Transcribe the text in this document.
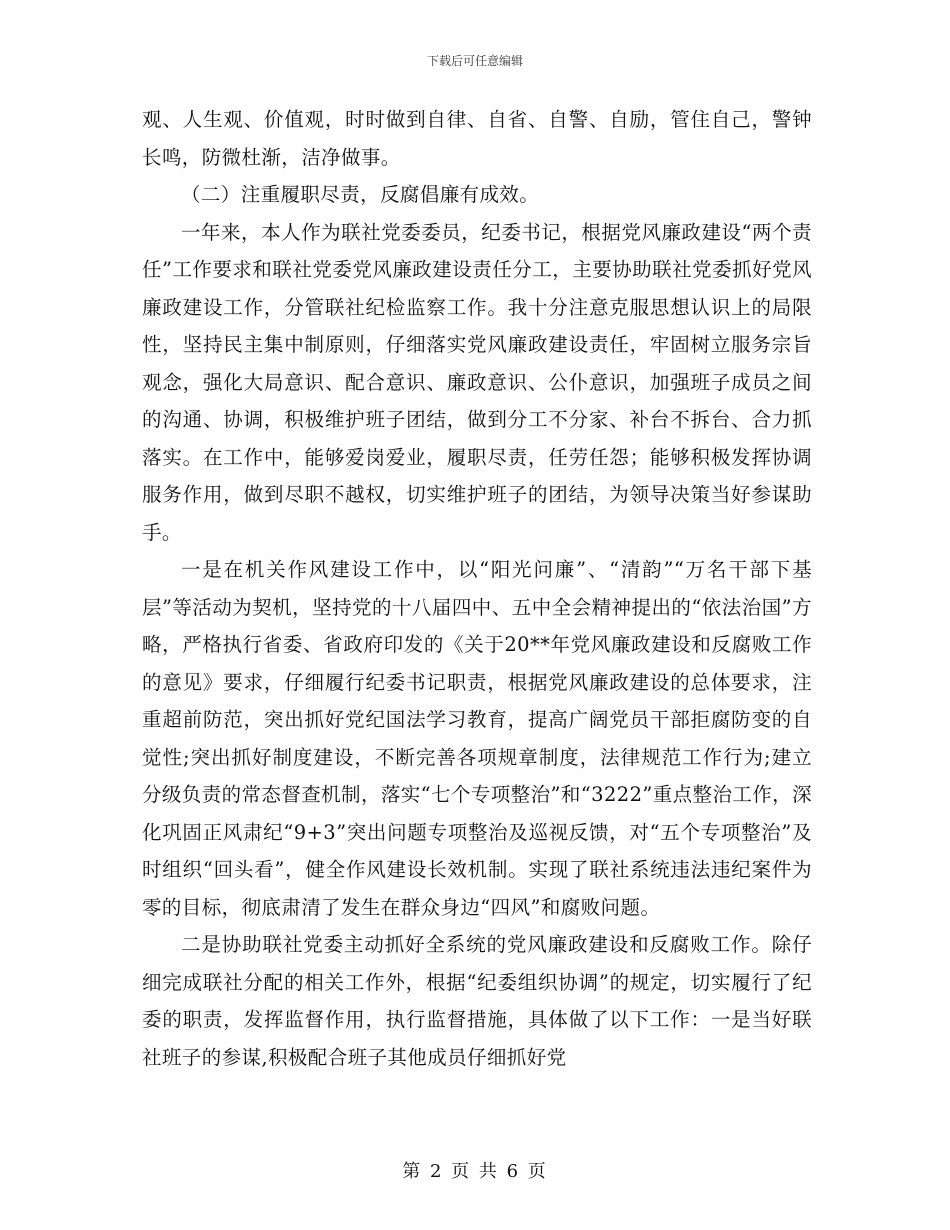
下载后可任意编辑

观、人生观、价值观，时时做到自律、自省、自警、自励，管住自己，警钟长鸣，防微杜渐，洁净做事。

（二）注重履职尽责，反腐倡廉有成效。

一年来，本人作为联社党委委员，纪委书记，根据党风廉政建设“两个责任”工作要求和联社党委党风廉政建设责任分工，主要协助联社党委抓好党风廉政建设工作，分管联社纪检监察工作。我十分注意克服思想认识上的局限性，坚持民主集中制原则，仔细落实党风廉政建设责任，牢固树立服务宗旨观念，强化大局意识、配合意识、廉政意识、公仆意识，加强班子成员之间的沟通、协调，积极维护班子团结，做到分工不分家、补台不拆台、合力抓落实。在工作中，能够爱岗爱业，履职尽责，任劳任怨；能够积极发挥协调服务作用，做到尽职不越权，切实维护班子的团结，为领导决策当好参谋助手。

一是在机关作风建设工作中，以“阳光问廉”、“清韵”“万名干部下基层”等活动为契机，坚持党的十八届四中、五中全会精神提出的“依法治国”方略，严格执行省委、省政府印发的《关于20**年党风廉政建设和反腐败工作的意见》要求，仔细履行纪委书记职责，根据党风廉政建设的总体要求，注重超前防范，突出抓好党纪国法学习教育，提高广阔党员干部拒腐防变的自觉性;突出抓好制度建设，不断完善各项规章制度，法律规范工作行为;建立分级负责的常态督查机制，落实“七个专项整治”和“3222”重点整治工作，深化巩固正风肃纪“9+3”突出问题专项整治及巡视反馈，对“五个专项整治”及时组织“回头看”，健全作风建设长效机制。实现了联社系统违法违纪案件为零的目标，彻底肃清了发生在群众身边“四风”和腐败问题。

二是协助联社党委主动抓好全系统的党风廉政建设和反腐败工作。除仔细完成联社分配的相关工作外，根据“纪委组织协调”的规定，切实履行了纪委的职责，发挥监督作用，执行监督措施，具体做了以下工作：一是当好联社班子的参谋,积极配合班子其他成员仔细抓好党

第 2 页 共 6 页
